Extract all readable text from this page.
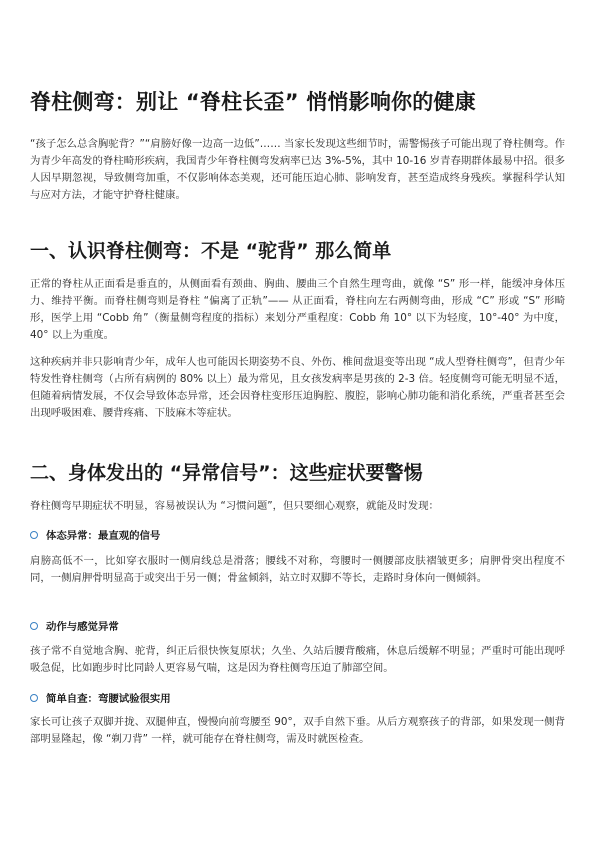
脊柱侧弯：别让 “脊柱长歪” 悄悄影响你的健康

“孩子怎么总含胸驼背？”“肩膀好像一边高一边低”…… 当家长发现这些细节时，需警惕孩子可能出现了脊柱侧弯。作为青少年高发的脊柱畸形疾病，我国青少年脊柱侧弯发病率已达 3%-5%，其中 10-16 岁青春期群体最易中招。很多人因早期忽视，导致侧弯加重，不仅影响体态美观，还可能压迫心肺、影响发育，甚至造成终身残疾。掌握科学认知与应对方法，才能守护脊柱健康。

一、认识脊柱侧弯：不是 “驼背” 那么简单

正常的脊柱从正面看是垂直的，从侧面看有颈曲、胸曲、腰曲三个自然生理弯曲，就像 “S” 形一样，能缓冲身体压力、维持平衡。而脊柱侧弯则是脊柱 “偏离了正轨”—— 从正面看，脊柱向左右两侧弯曲，形成 “C” 形或 “S” 形畸形，医学上用 “Cobb 角”（衡量侧弯程度的指标）来划分严重程度：Cobb 角 10° 以下为轻度，10°-40° 为中度，40° 以上为重度。

这种疾病并非只影响青少年，成年人也可能因长期姿势不良、外伤、椎间盘退变等出现 “成人型脊柱侧弯”，但青少年特发性脊柱侧弯（占所有病例的 80% 以上）最为常见，且女孩发病率是男孩的 2-3 倍。轻度侧弯可能无明显不适，但随着病情发展，不仅会导致体态异常，还会因脊柱变形压迫胸腔、腹腔，影响心肺功能和消化系统，严重者甚至会出现呼吸困难、腰背疼痛、下肢麻木等症状。

二、身体发出的 “异常信号”：这些症状要警惕

脊柱侧弯早期症状不明显，容易被误认为 “习惯问题”，但只要细心观察，就能及时发现：

体态异常：最直观的信号

肩膀高低不一，比如穿衣服时一侧肩线总是滑落；腰线不对称，弯腰时一侧腰部皮肤褶皱更多；肩胛骨突出程度不同，一侧肩胛骨明显高于或突出于另一侧；骨盆倾斜，站立时双脚不等长，走路时身体向一侧倾斜。

动作与感觉异常

孩子常不自觉地含胸、驼背，纠正后很快恢复原状；久坐、久站后腰背酸痛，休息后缓解不明显；严重时可能出现呼吸急促，比如跑步时比同龄人更容易气喘，这是因为脊柱侧弯压迫了肺部空间。

简单自查：弯腰试验很实用

家长可让孩子双脚并拢、双腿伸直，慢慢向前弯腰至 90°，双手自然下垂。从后方观察孩子的背部，如果发现一侧背部明显隆起，像 “剃刀背” 一样，就可能存在脊柱侧弯，需及时就医检查。
